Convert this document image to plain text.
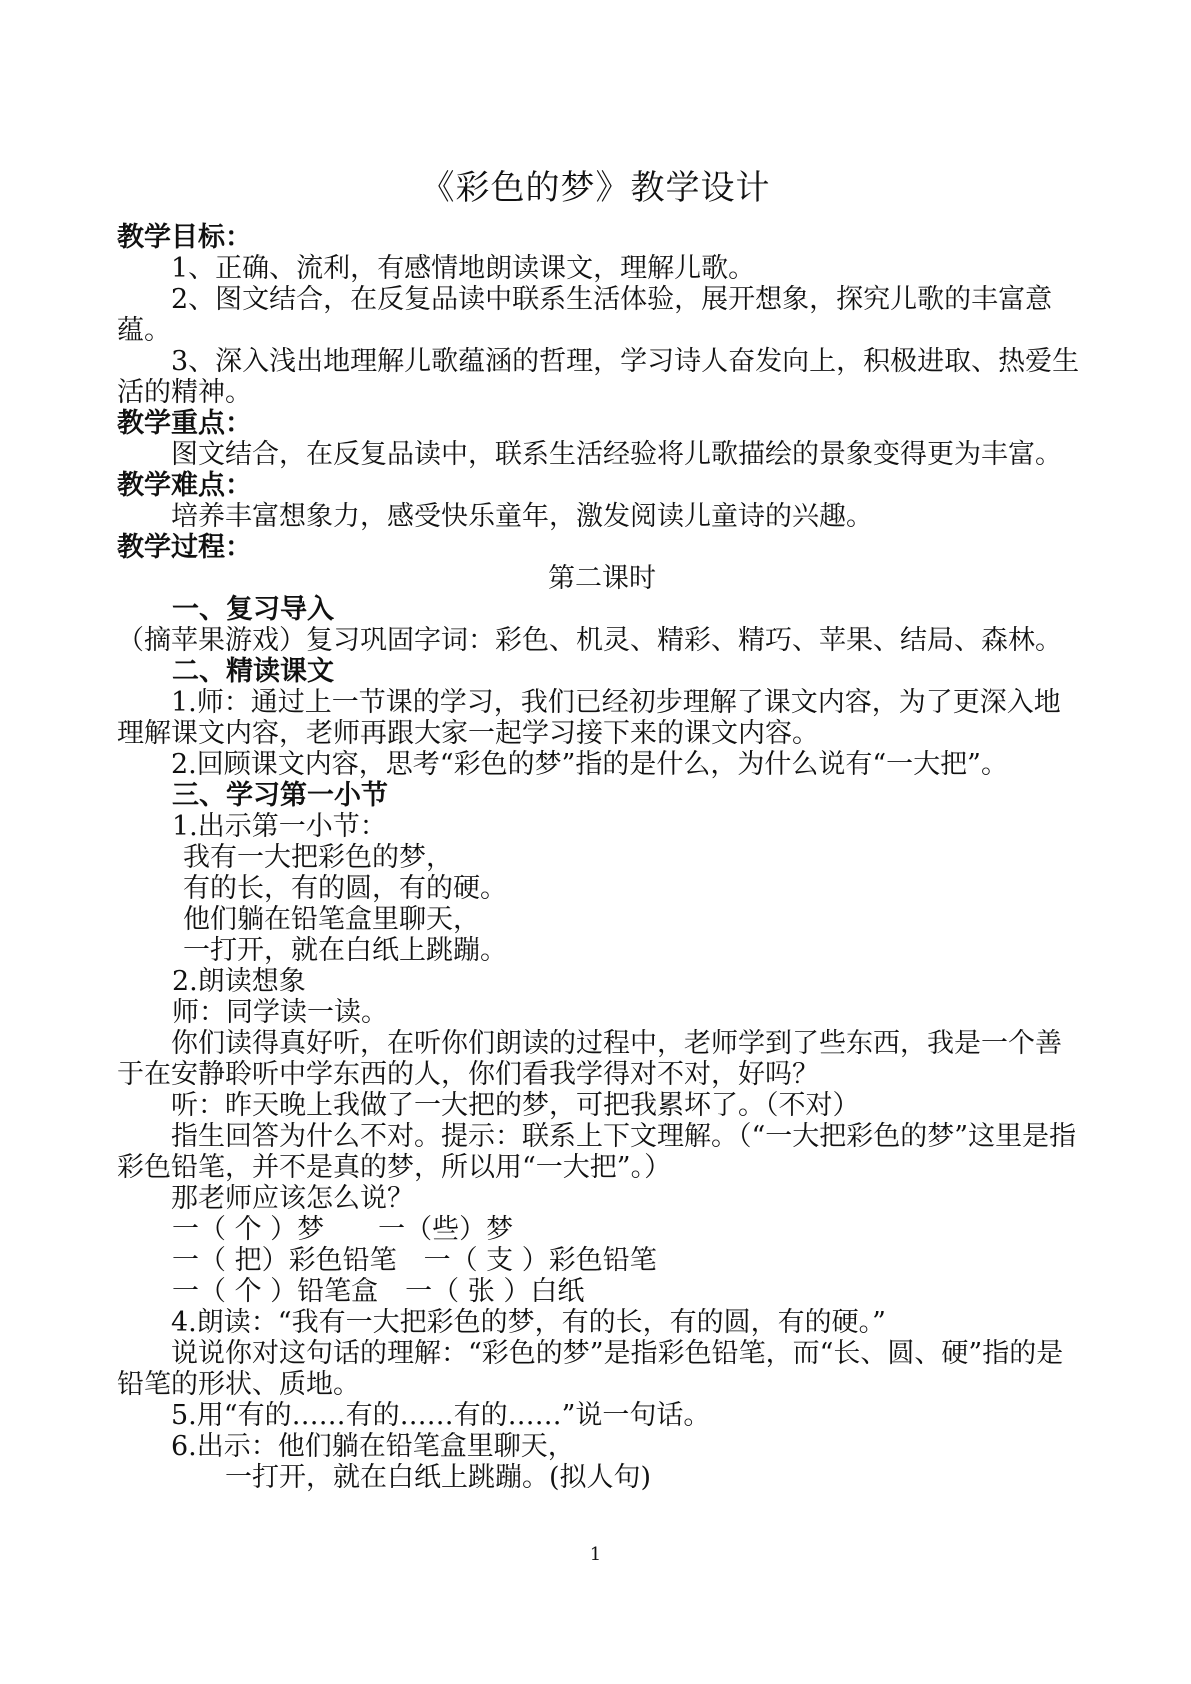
《彩色的梦》教学设计

教学目标：

1、正确、流利，有感情地朗读课文，理解儿歌。

2、图文结合，在反复品读中联系生活体验，展开想象，探究儿歌的丰富意蕴。

3、深入浅出地理解儿歌蕴涵的哲理，学习诗人奋发向上，积极进取、热爱生活的精神。

教学重点：

图文结合，在反复品读中，联系生活经验将儿歌描绘的景象变得更为丰富。

教学难点：

培养丰富想象力，感受快乐童年，激发阅读儿童诗的兴趣。

教学过程：

第二课时

一、复习导入

（摘苹果游戏）复习巩固字词：彩色、机灵、精彩、精巧、苹果、结局、森林。

二、精读课文

1.师：通过上一节课的学习，我们已经初步理解了课文内容，为了更深入地理解课文内容，老师再跟大家一起学习接下来的课文内容。

2.回顾课文内容，思考“彩色的梦”指的是什么，为什么说有“一大把”。

三、学习第一小节

1.出示第一小节：

我有一大把彩色的梦，

有的长，有的圆，有的硬。

他们躺在铅笔盒里聊天，

一打开，就在白纸上跳蹦。

2.朗读想象

师：同学读一读。

你们读得真好听，在听你们朗读的过程中，老师学到了些东西，我是一个善于在安静聆听中学东西的人，你们看我学得对不对，好吗？

听：昨天晚上我做了一大把的梦，可把我累坏了。（不对）

指生回答为什么不对。提示：联系上下文理解。（“一大把彩色的梦”这里是指彩色铅笔，并不是真的梦，所以用“一大把”。）

那老师应该怎么说？

一（ 个 ）梦　　一（些）梦

一（ 把）彩色铅笔　一（ 支 ）彩色铅笔

一（ 个 ）铅笔盒　一（ 张 ）白纸

4.朗读：“我有一大把彩色的梦，有的长，有的圆，有的硬。”

说说你对这句话的理解：“彩色的梦”是指彩色铅笔，而“长、圆、硬”指的是铅笔的形状、质地。

5.用“有的……有的……有的……”说一句话。

6.出示：他们躺在铅笔盒里聊天，

一打开，就在白纸上跳蹦。(拟人句)

1
